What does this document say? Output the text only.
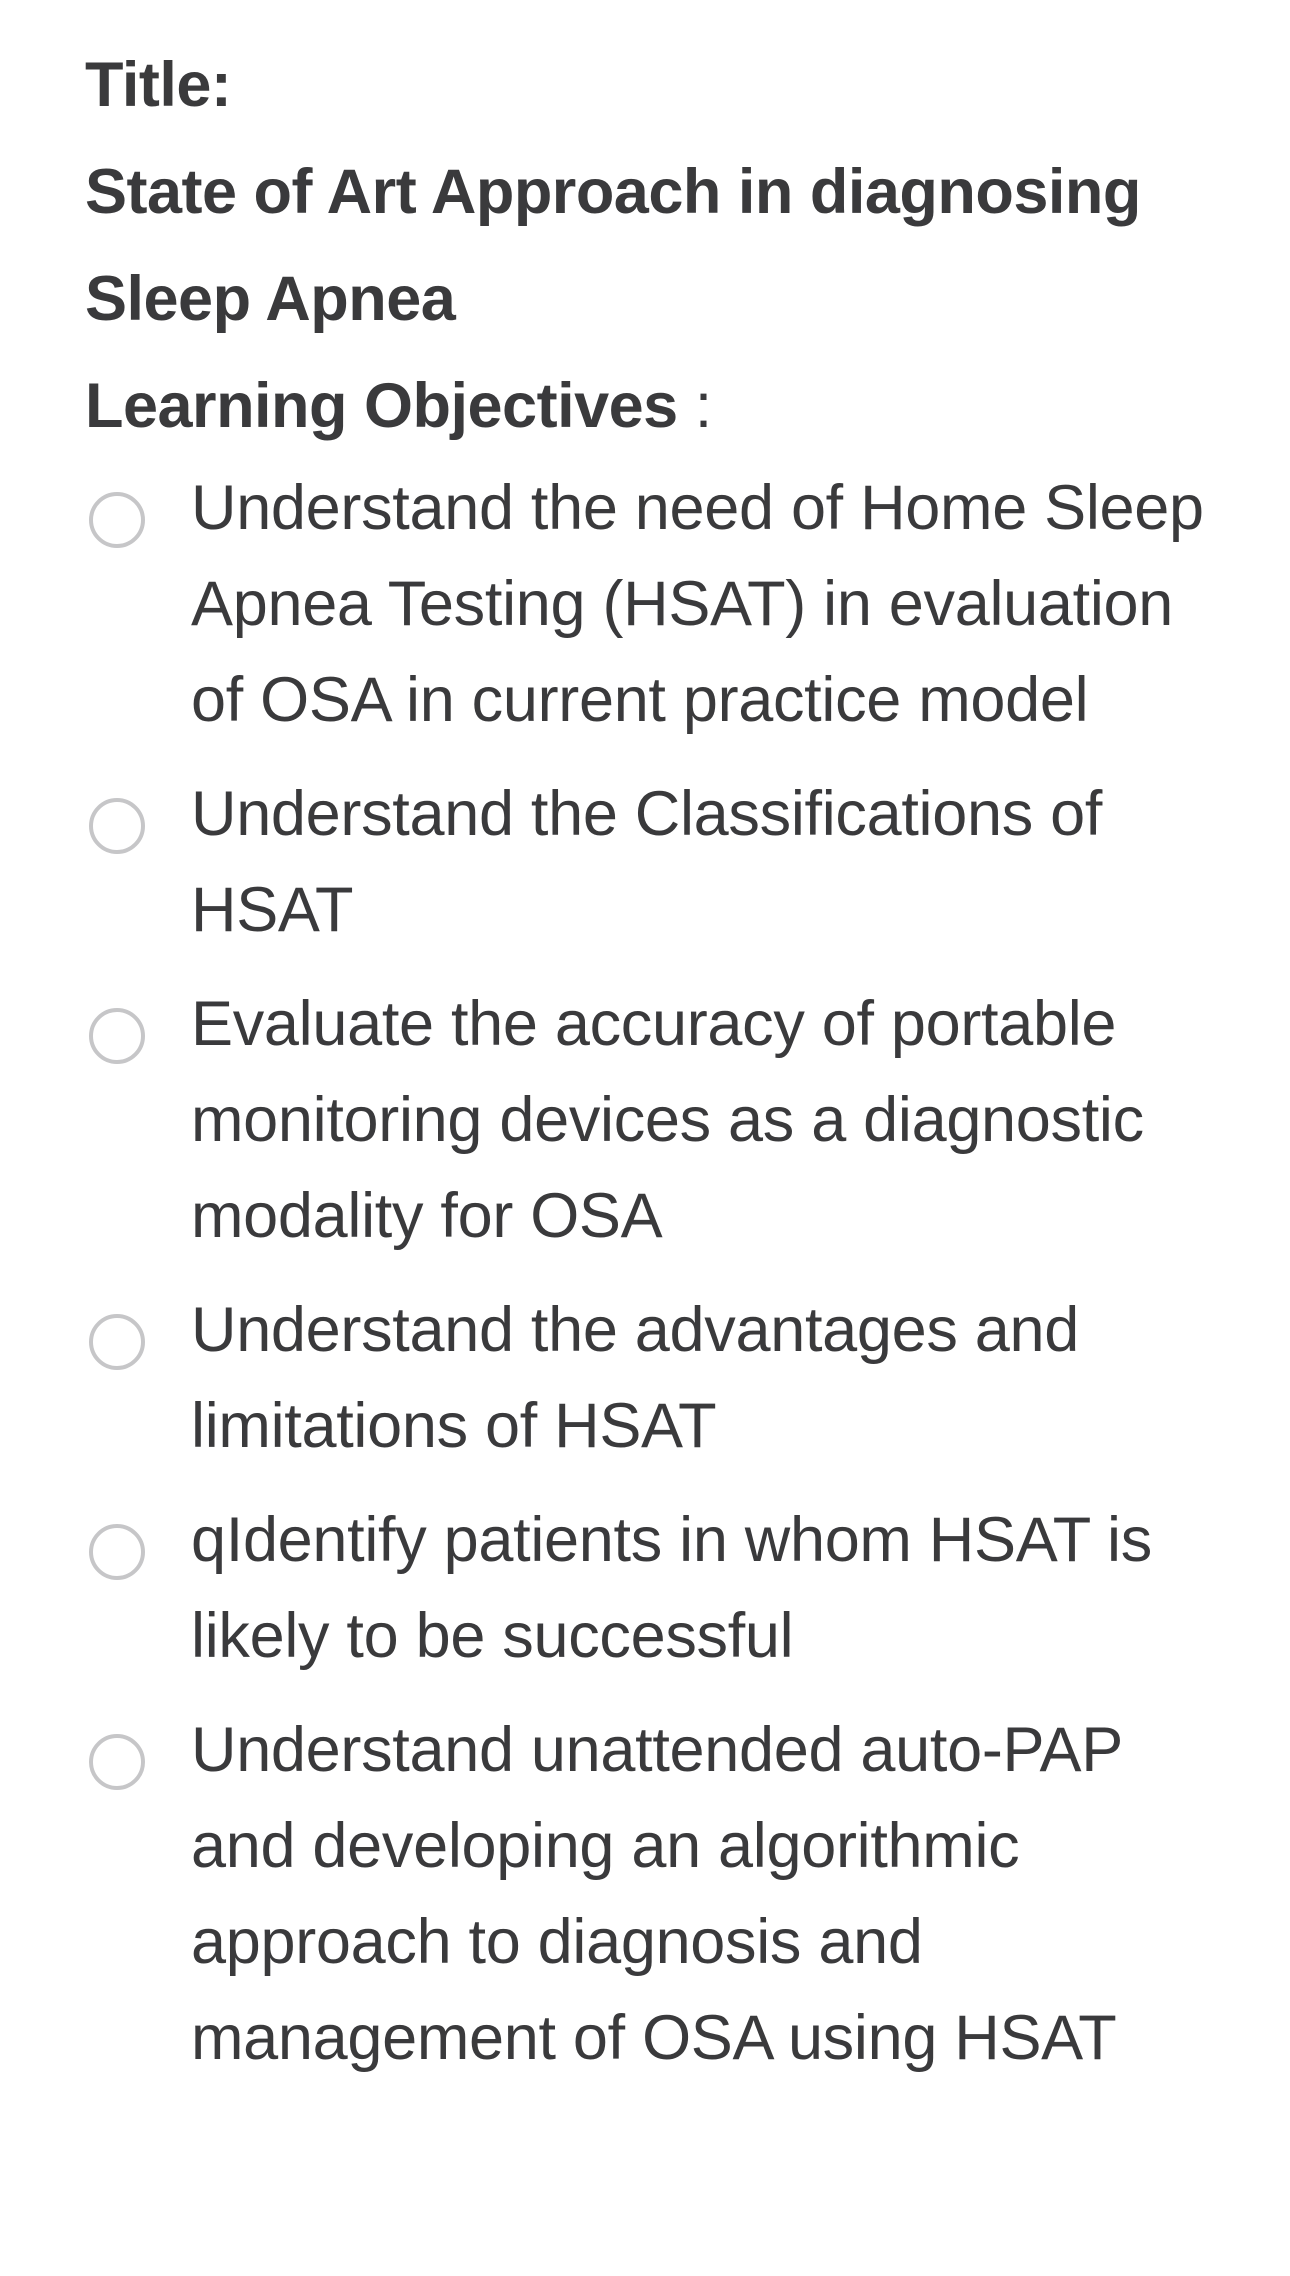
Title:

State of Art Approach in diagnosing

Sleep Apnea

Learning Objectives :

Understand the need of Home Sleep Apnea Testing (HSAT) in evaluation of OSA in current practice model
Understand the Classifications of HSAT
Evaluate the accuracy of portable monitoring devices as a diagnostic modality for OSA
Understand the advantages and limitations of HSAT
qIdentify patients in whom HSAT is likely to be successful
Understand unattended auto-PAP and developing an algorithmic approach to diagnosis and management of OSA using HSAT
